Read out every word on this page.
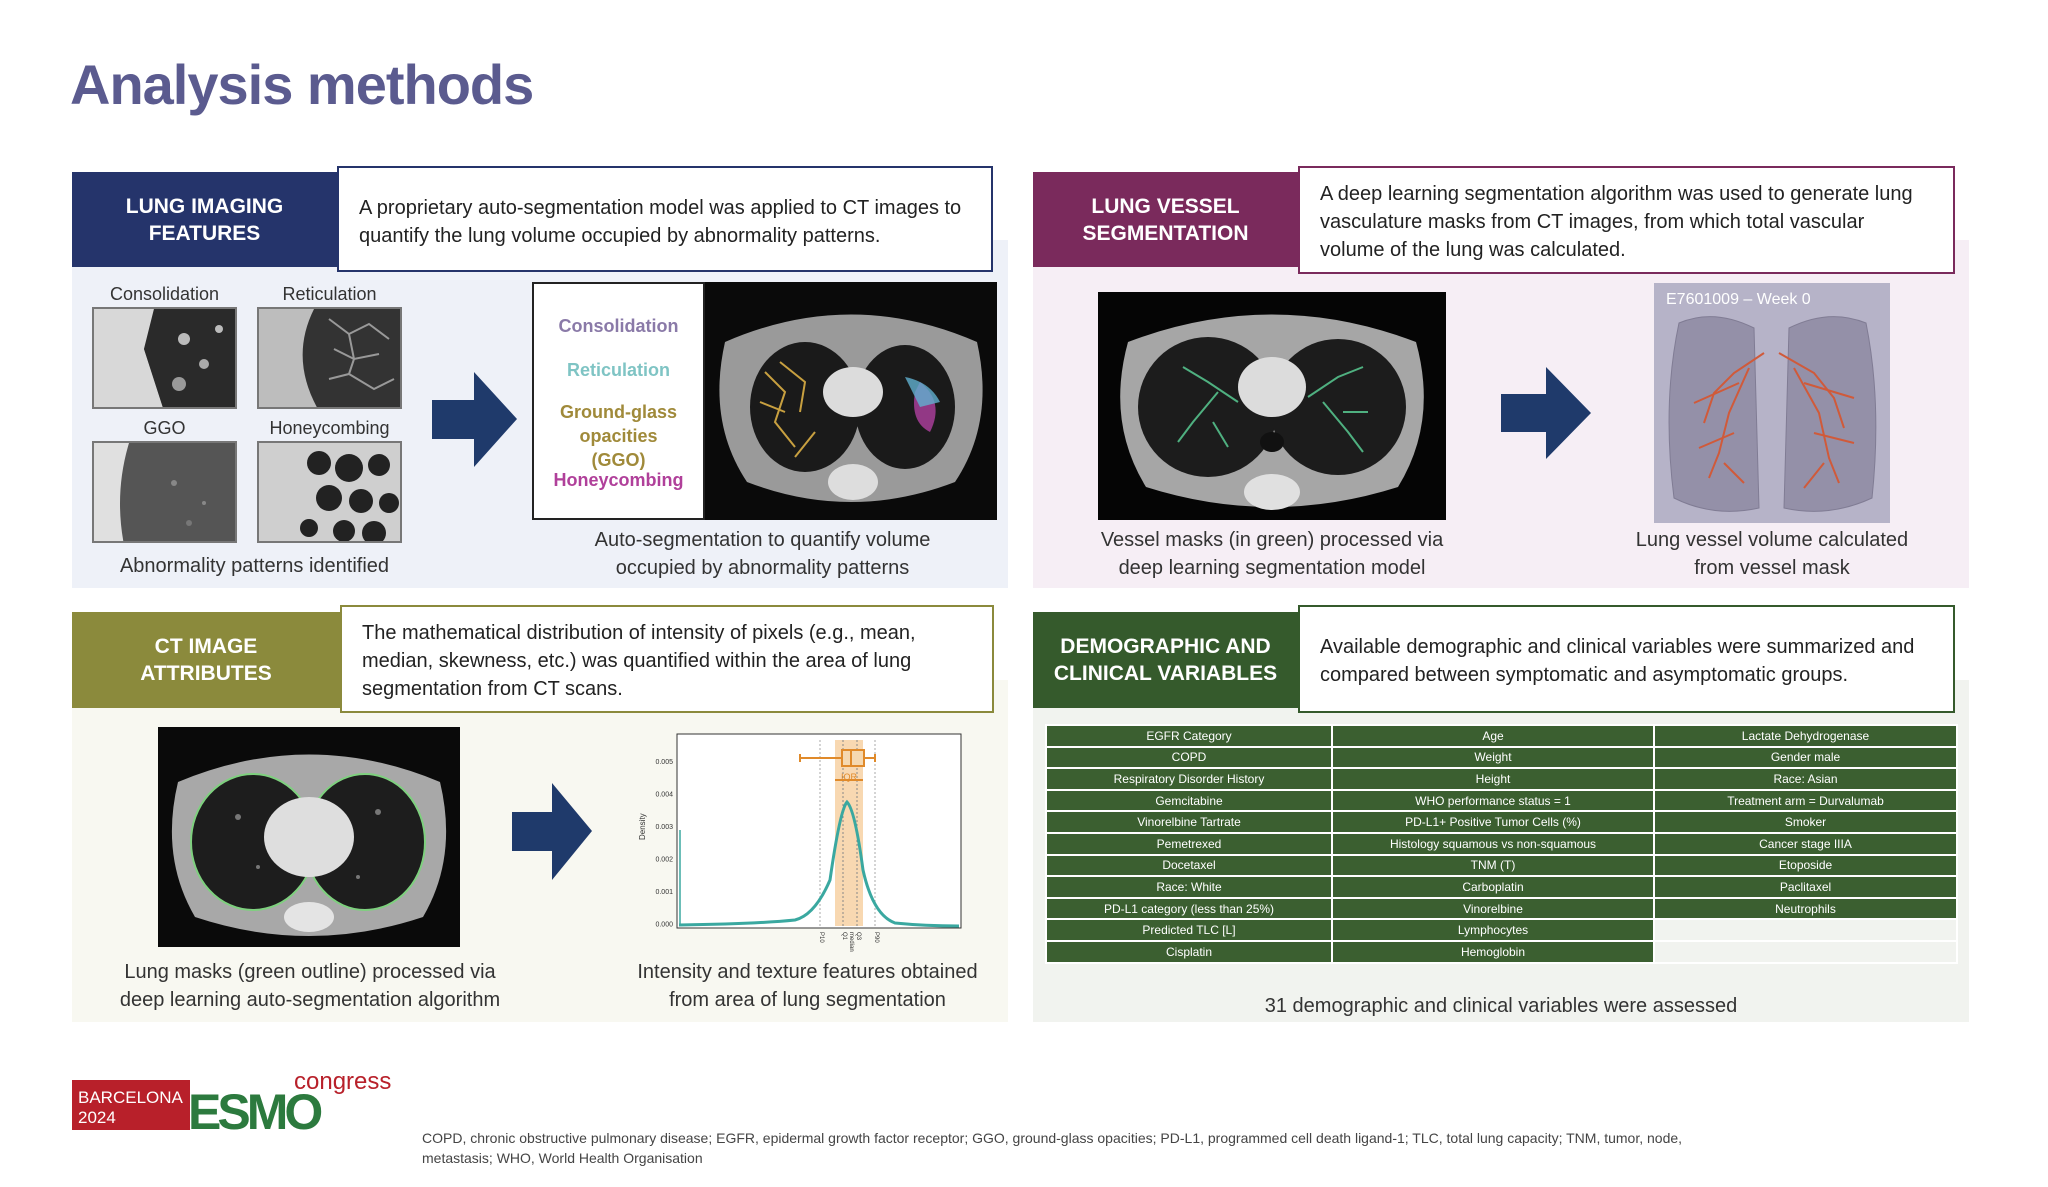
Analysis methods
LUNG IMAGING FEATURES
A proprietary auto-segmentation model was applied to CT images to quantify the lung volume occupied by abnormality patterns.
Consolidation	Reticulation
GGO	Honeycombing
Abnormality patterns identified
Consolidation
Reticulation
Ground-glass opacities (GGO)
Honeycombing
Auto-segmentation to quantify volume occupied by abnormality patterns
LUNG VESSEL SEGMENTATION
A deep learning segmentation algorithm was used to generate lung vasculature masks from CT images, from which total vascular volume of the lung was calculated.
E7601009 – Week 0
Vessel masks (in green) processed via deep learning segmentation model
Lung vessel volume calculated from vessel mask
CT IMAGE ATTRIBUTES
The mathematical distribution of intensity of pixels (e.g., mean, median, skewness, etc.) was quantified within the area of lung segmentation from CT scans.
Density
0.005
0.004
0.003
0.002
0.001
0.000
IQR
P10	Q1 median Q3 P90
Lung masks (green outline) processed via deep learning auto-segmentation algorithm
Intensity and texture features obtained from area of lung segmentation
DEMOGRAPHIC AND CLINICAL VARIABLES
Available demographic and clinical variables were summarized and compared between symptomatic and asymptomatic groups.
EGFR Category	Age	Lactate Dehydrogenase
COPD	Weight	Gender male
Respiratory Disorder History	Height	Race: Asian
Gemcitabine	WHO performance status = 1	Treatment arm = Durvalumab
Vinorelbine Tartrate	PD-L1+ Positive Tumor Cells (%)	Smoker
Pemetrexed	Histology squamous vs non-squamous	Cancer stage IIIA
Docetaxel	TNM (T)	Etoposide
Race: White	Carboplatin	Paclitaxel
PD-L1 category (less than 25%)	Vinorelbine	Neutrophils
Predicted TLC [L]	Lymphocytes	
Cisplatin	Hemoglobin	
31 demographic and clinical variables were assessed
BARCELONA
2024 ESMO
congress
COPD, chronic obstructive pulmonary disease; EGFR, epidermal growth factor receptor; GGO, ground-glass opacities; PD-L1, programmed cell death ligand-1; TLC, total lung capacity; TNM, tumor, node, metastasis; WHO, World Health Organisation
